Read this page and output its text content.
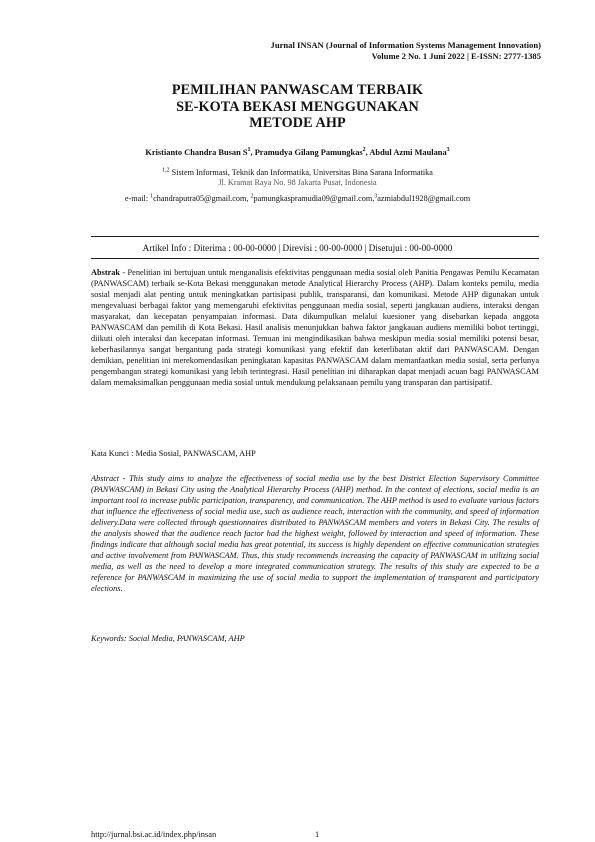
Jurnal INSAN (Journal of Information Systems Management Innovation)
Volume 2 No. 1 Juni 2022 | E-ISSN: 2777-1385
PEMILIHAN PANWASCAM TERBAIK
SE-KOTA BEKASI MENGGUNAKAN
METODE AHP
Kristianto Chandra Busan $S^1$, Pramudya Gilang Pamungkas$^2$, Abdul Azmi Maulana$^3$
$^{1,2}$ Sistem Informasi, Teknik dan Informatika, Universitas Bina Sarana Informatika
Jl. Kramat Raya No. 98 Jakarta Pusat, Indonesia
e-mail: $^1$chandraputra05@gmail.com, $^2$pamungkaspramudia09@gmail.com,$^3$azmiabdul1928@gmail.com
Artikel Info : Diterima : 00-00-0000 | Direvisi : 00-00-0000 | Disetujui : 00-00-0000
Abstrak - Penelitian ini bertujuan untuk menganalisis efektivitas penggunaan media sosial oleh Panitia Pengawas Pemilu Kecamatan (PANWASCAM) terbaik se-Kota Bekasi menggunakan metode Analytical Hierarchy Process (AHP). Dalam konteks pemilu, media sosial menjadi alat penting untuk meningkatkan partisipasi publik, transparansi, dan komunikasi. Metode AHP digunakan untuk mengevaluasi berbagai faktor yang memengaruhi efektivitas penggunaan media sosial, seperti jangkauan audiens, interaksi dengan masyarakat, dan kecepatan penyampaian informasi. Data dikumpulkan melalui kuesioner yang disebarkan kepada anggota PANWASCAM dan pemilih di Kota Bekasi. Hasil analisis menunjukkan bahwa faktor jangkauan audiens memiliki bobot tertinggi, diikuti oleh interaksi dan kecepatan informasi. Temuan ini mengindikasikan bahwa meskipun media sosial memiliki potensi besar, keberhasilannya sangat bergantung pada strategi komunikasi yang efektif dan keterlibatan aktif dari PANWASCAM. Dengan demikian, penelitian ini merekomendasikan peningkatan kapasitas PANWASCAM dalam memanfaatkan media sosial, serta perlunya pengembangan strategi komunikasi yang lebih terintegrasi. Hasil penelitian ini diharapkan dapat menjadi acuan bagi PANWASCAM dalam memaksimalkan penggunaan media sosial untuk mendukung pelaksanaan pemilu yang transparan dan partisipatif.
Kata Kunci : Media Sosial, PANWASCAM, AHP
Abstract - This study aims to analyze the effectiveness of social media use by the best District Election Supervisory Committee (PANWASCAM) in Bekasi City using the Analytical Hierarchy Process (AHP) method. In the context of elections, social media is an important tool to increase public participation, transparency, and communication. The AHP method is used to evaluate various factors that influence the effectiveness of social media use, such as audience reach, interaction with the community, and speed of information delivery.Data were collected through questionnaires distributed to PANWASCAM members and voters in Bekasi City. The results of the analysis showed that the audience reach factor had the highest weight, followed by interaction and speed of information. These findings indicate that although social media has great potential, its success is highly dependent on effective communication strategies and active involvement from PANWASCAM. Thus, this study recommends increasing the capacity of PANWASCAM in utilizing social media, as well as the need to develop a more integrated communication strategy. The results of this study are expected to be a reference for PANWASCAM in maximizing the use of social media to support the implementation of transparent and participatory elections.
Keywords: Social Media, PANWASCAM, AHP
http://jurnal.bsi.ac.id/index.php/insan	1
